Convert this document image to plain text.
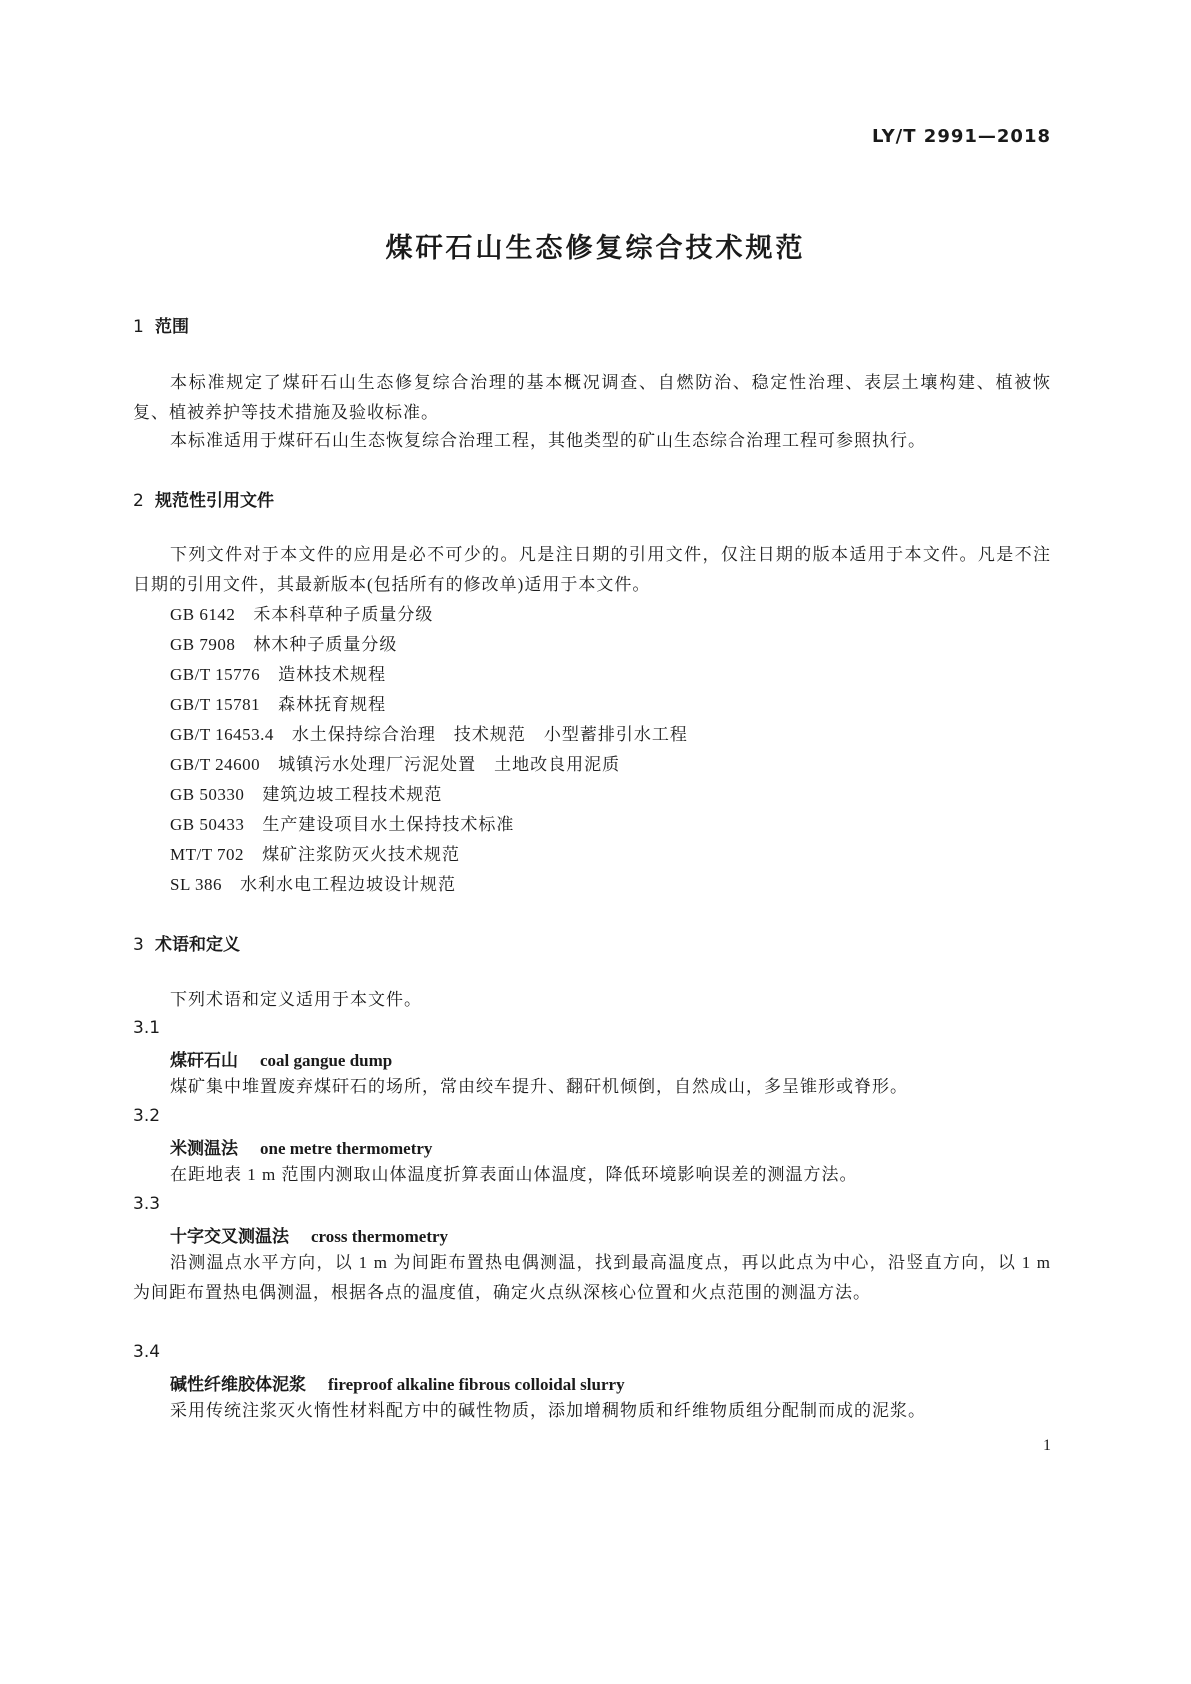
LY/T 2991—2018
煤矸石山生态修复综合技术规范
1 范围
本标准规定了煤矸石山生态修复综合治理的基本概况调查、自燃防治、稳定性治理、表层土壤构建、植被恢复、植被养护等技术措施及验收标准。
本标准适用于煤矸石山生态恢复综合治理工程，其他类型的矿山生态综合治理工程可参照执行。
2 规范性引用文件
下列文件对于本文件的应用是必不可少的。凡是注日期的引用文件，仅注日期的版本适用于本文件。凡是不注日期的引用文件，其最新版本(包括所有的修改单)适用于本文件。
GB 6142 禾本科草种子质量分级
GB 7908 林木种子质量分级
GB/T 15776 造林技术规程
GB/T 15781 森林抚育规程
GB/T 16453.4 水土保持综合治理　技术规范　小型蓄排引水工程
GB/T 24600 城镇污水处理厂污泥处置　土地改良用泥质
GB 50330 建筑边坡工程技术规范
GB 50433 生产建设项目水土保持技术标准
MT/T 702 煤矿注浆防灭火技术规范
SL 386 水利水电工程边坡设计规范
3 术语和定义
下列术语和定义适用于本文件。
3.1
煤矸石山 coal gangue dump
煤矿集中堆置废弃煤矸石的场所，常由绞车提升、翻矸机倾倒，自然成山，多呈锥形或脊形。
3.2
米测温法 one metre thermometry
在距地表 1 m 范围内测取山体温度折算表面山体温度，降低环境影响误差的测温方法。
3.3
十字交叉测温法 cross thermometry
沿测温点水平方向，以 1 m 为间距布置热电偶测温，找到最高温度点，再以此点为中心，沿竖直方向，以 1 m 为间距布置热电偶测温，根据各点的温度值，确定火点纵深核心位置和火点范围的测温方法。
3.4
碱性纤维胶体泥浆 fireproof alkaline fibrous colloidal slurry
采用传统注浆灭火惰性材料配方中的碱性物质，添加增稠物质和纤维物质组分配制而成的泥浆。
1
